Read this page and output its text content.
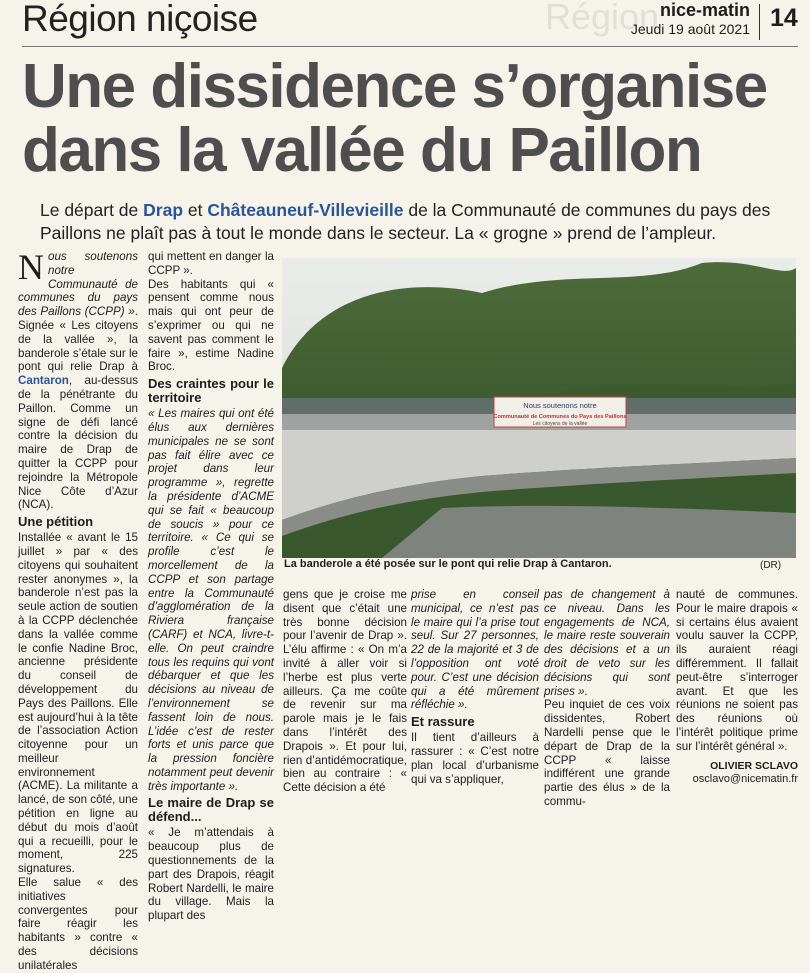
Région
Région niçoise	nice-matin
Jeudi 19 août 2021 14
Une dissidence s’organise dans la vallée du Paillon

Le départ de Drap et Châteauneuf-Villevieille de la Communauté de communes du pays des Paillons ne plaît pas à tout le monde dans le secteur. La « grogne » prend de l’ampleur.

Nous soutenons notre Communauté de communes du pays des Paillons (CCPP) ». Signée « Les citoyens de la vallée », la banderole s’étale sur le pont qui relie Drap à Cantaron, au-dessus de la pénétrante du Paillon. Comme un signe de défi lancé contre la décision du maire de Drap de quitter la CCPP pour rejoindre la Métropole Nice Côte d’Azur (NCA).

Une pétition

Installée « avant le 15 juillet » par « des citoyens qui souhaitent rester anonymes », la banderole n’est pas la seule action de soutien à la CCPP déclenchée dans la vallée comme le confie Nadine Broc, ancienne présidente du conseil de développement du Pays des Paillons. Elle est aujourd’hui à la tête de l’association Action citoyenne pour un meilleur environnement (ACME). La militante a lancé, de son côté, une pétition en ligne au début du mois d’août qui a recueilli, pour le moment, 225 signatures.

Elle salue « des initiatives convergentes pour faire réagir les habitants » contre « des décisions unilatérales

qui mettent en danger la CCPP ».

Des habitants qui « pensent comme nous mais qui ont peur de s’exprimer ou qui ne savent pas comment le faire », estime Nadine Broc.

Des craintes pour le territoire

« Les maires qui ont été élus aux dernières municipales ne se sont pas fait élire avec ce projet dans leur programme », regrette la présidente d’ACME qui se fait « beaucoup de soucis » pour ce territoire. « Ce qui se profile c’est le morcellement de la CCPP et son partage entre la Communauté d’agglomération de la Riviera française (CARF) et NCA, livre-t-elle. On peut craindre tous les requins qui vont débarquer et que les décisions au niveau de l’environnement se fassent loin de nous. L’idée c’est de rester forts et unis parce que la pression foncière notamment peut devenir très importante ».

Le maire de Drap se défend...

« Je m’attendais à beaucoup plus de questionnements de la part des Drapois, réagit Robert Nardelli, le maire du village. Mais la plupart des

Nous soutenons notre
Communauté de Communes du Pays des Paillons
Les citoyens de la vallée
La banderole a été posée sur le pont qui relie Drap à Cantaron.	(DR)

gens que je croise me disent que c’était une très bonne décision pour l’avenir de Drap ». L’élu affirme : « On m’a invité à aller voir si l’herbe est plus verte ailleurs. Ça me coûte de revenir sur ma parole mais je le fais dans l’intérêt des Drapois ». Et pour lui, rien d’antidémocratique, bien au contraire : « Cette décision a été

prise en conseil municipal, ce n’est pas le maire qui l’a prise tout seul. Sur 27 personnes, 22 de la majorité et 3 de l’opposition ont voté pour. C’est une décision qui a été mûrement réfléchie ».

Et rassure

Il tient d’ailleurs à rassurer : « C’est notre plan local d’urbanisme qui va s’appliquer,

pas de changement à ce niveau. Dans les engagements de NCA, le maire reste souverain des décisions et a un droit de veto sur les décisions qui sont prises ».

Peu inquiet de ces voix dissidentes, Robert Nardelli pense que le départ de Drap de la CCPP « laisse indifférent une grande partie des élus » de la commu-

nauté de communes. Pour le maire drapois « si certains élus avaient voulu sauver la CCPP, ils auraient réagi différemment. Il fallait peut-être s’interroger avant. Et que les réunions ne soient pas des réunions où l’intérêt politique prime sur l’intérêt général ».

OLIVIER SCLAVO
osclavo@nicematin.fr
